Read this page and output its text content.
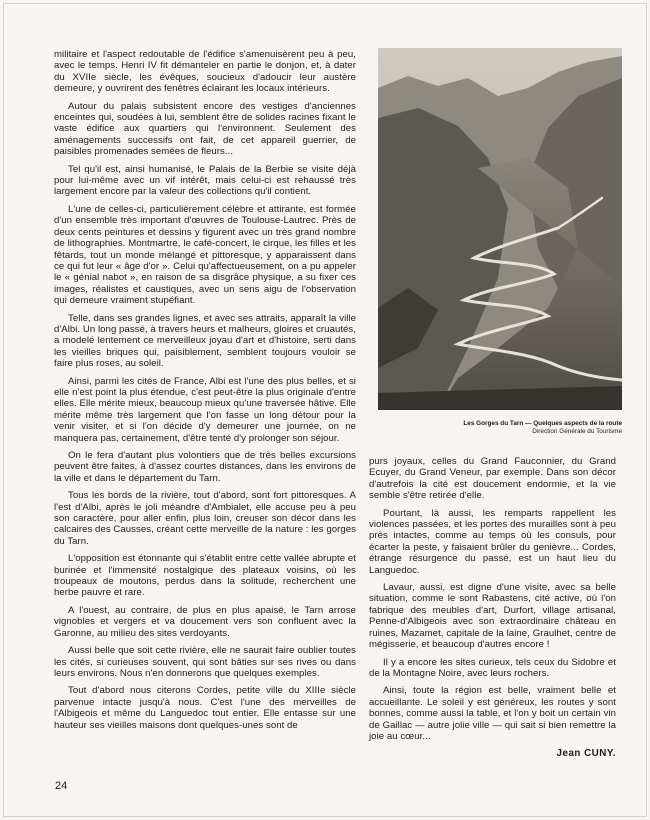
militaire et l'aspect redoutable de l'édifice s'amenuisèrent peu à peu, avec le temps. Henri IV fit démanteler en partie le donjon, et, à dater du XVIIe siècle, les évêques, soucieux d'adoucir leur austère demeure, y ouvrirent des fenêtres éclairant les locaux intérieurs.

Autour du palais subsistent encore des vestiges d'anciennes enceintes qui, soudées à lui, semblent être de solides racines fixant le vaste édifice aux quartiers qui l'environnent. Seulement des aménagements successifs ont fait, de cet appareil guerrier, de paisibles promenades semées de fleurs...

Tel qu'il est, ainsi humanisé, le Palais de la Berbie se visite déjà pour lui-même avec un vif intérêt, mais celui-ci est rehaussé très largement encore par la valeur des collections qu'il contient.

L'une de celles-ci, particulièrement célèbre et attirante, est formée d'un ensemble très important d'œuvres de Toulouse-Lautrec. Près de deux cents peintures et dessins y figurent avec un très grand nombre de lithographies. Montmartre, le café-concert, le cirque, les filles et les fêtards, tout un monde mélangé et pittoresque, y apparaissent dans ce qui fut leur « âge d'or ». Celui qu'affectueusement, on a pu appeler le « génial nabot », en raison de sa disgrâce physique, a su fixer ces images, réalistes et caustiques, avec un sens aigu de l'observation qui demeure vraiment stupéfiant.

Telle, dans ses grandes lignes, et avec ses attraits, apparaît la ville d'Albi. Un long passé, à travers heurs et malheurs, gloires et cruautés, a modelé lentement ce merveilleux joyau d'art et d'histoire, serti dans les vieilles briques qui, paisiblement, semblent toujours vouloir se faire plus roses, au soleil.

Ainsi, parmi les cités de France, Albi est l'une des plus belles, et si elle n'est point la plus étendue, c'est peut-être la plus originale d'entre elles. Elle mérite mieux, beaucoup mieux qu'une traversée hâtive. Elle mérite même très largement que l'on fasse un long détour pour la venir visiter, et si l'on décide d'y demeurer une journée, on ne manquera pas, certainement, d'être tenté d'y prolonger son séjour.

On le fera d'autant plus volontiers que de très belles excursions peuvent être faites, à d'assez courtes distances, dans les environs de la ville et dans le département du Tarn.

Tous les bords de la rivière, tout d'abord, sont fort pittoresques. A l'est d'Albi, après le joli méandre d'Ambialet, elle accuse peu à peu son caractère, pour aller enfin, plus loin, creuser son décor dans les calcaires des Causses, créant cette merveille de la nature : les gorges du Tarn.

L'opposition est étonnante qui s'établit entre cette vallée abrupte et burinée et l'immensité nostalgique des plateaux voisins, où les troupeaux de moutons, perdus dans la solitude, recherchent une herbe pauvre et rare.

A l'ouest, au contraire, de plus en plus apaisé, le Tarn arrose vignobles et vergers et va doucement vers son confluent avec la Garonne, au milieu des sites verdoyants.

Aussi belle que soit cette rivière, elle ne saurait faire oublier toutes les cités, si curieuses souvent, qui sont bâties sur ses rives ou dans leurs environs. Nous n'en donnerons que quelques exemples.

Tout d'abord nous citerons Cordes, petite ville du XIIIe siècle parvenue intacte jusqu'à nous. C'est l'une des merveilles de l'Albigeois et même du Languedoc tout entier. Elle entasse sur une hauteur ses vieilles maisons dont quelques-unes sont de

Les Gorges du Tarn — Quelques aspects de la route
Direction Générale du Tourisme

purs joyaux, celles du Grand Fauconnier, du Grand Ecuyer, du Grand Veneur, par exemple. Dans son décor d'autrefois la cité est doucement endormie, et la vie semble s'être retirée d'elle.

Pourtant, là aussi, les remparts rappellent les violences passées, et les portes des murailles sont à peu près intactes, comme au temps où les consuls, pour écarter la peste, y faisaient brûler du genièvre... Cordes, étrange résurgence du passé, est un haut lieu du Languedoc.

Lavaur, aussi, est digne d'une visite, avec sa belle situation, comme le sont Rabastens, cité active, où l'on fabrique des meubles d'art, Durfort, village artisanal, Penne-d'Albigeois avec son extraordinaire château en ruines, Mazamet, capitale de la laine, Graulhet, centre de mégisserie, et beaucoup d'autres encore !

Il y a encore les sites curieux, tels ceux du Sidobre et de la Montagne Noire, avec leurs rochers.

Ainsi, toute la région est belle, vraiment belle et accueillante. Le soleil y est généreux, les routes y sont bonnes, comme aussi la table, et l'on y boit un certain vin de Gaillac — autre jolie ville — qui sait si bien remettre la joie au cœur...

Jean CUNY.
24
